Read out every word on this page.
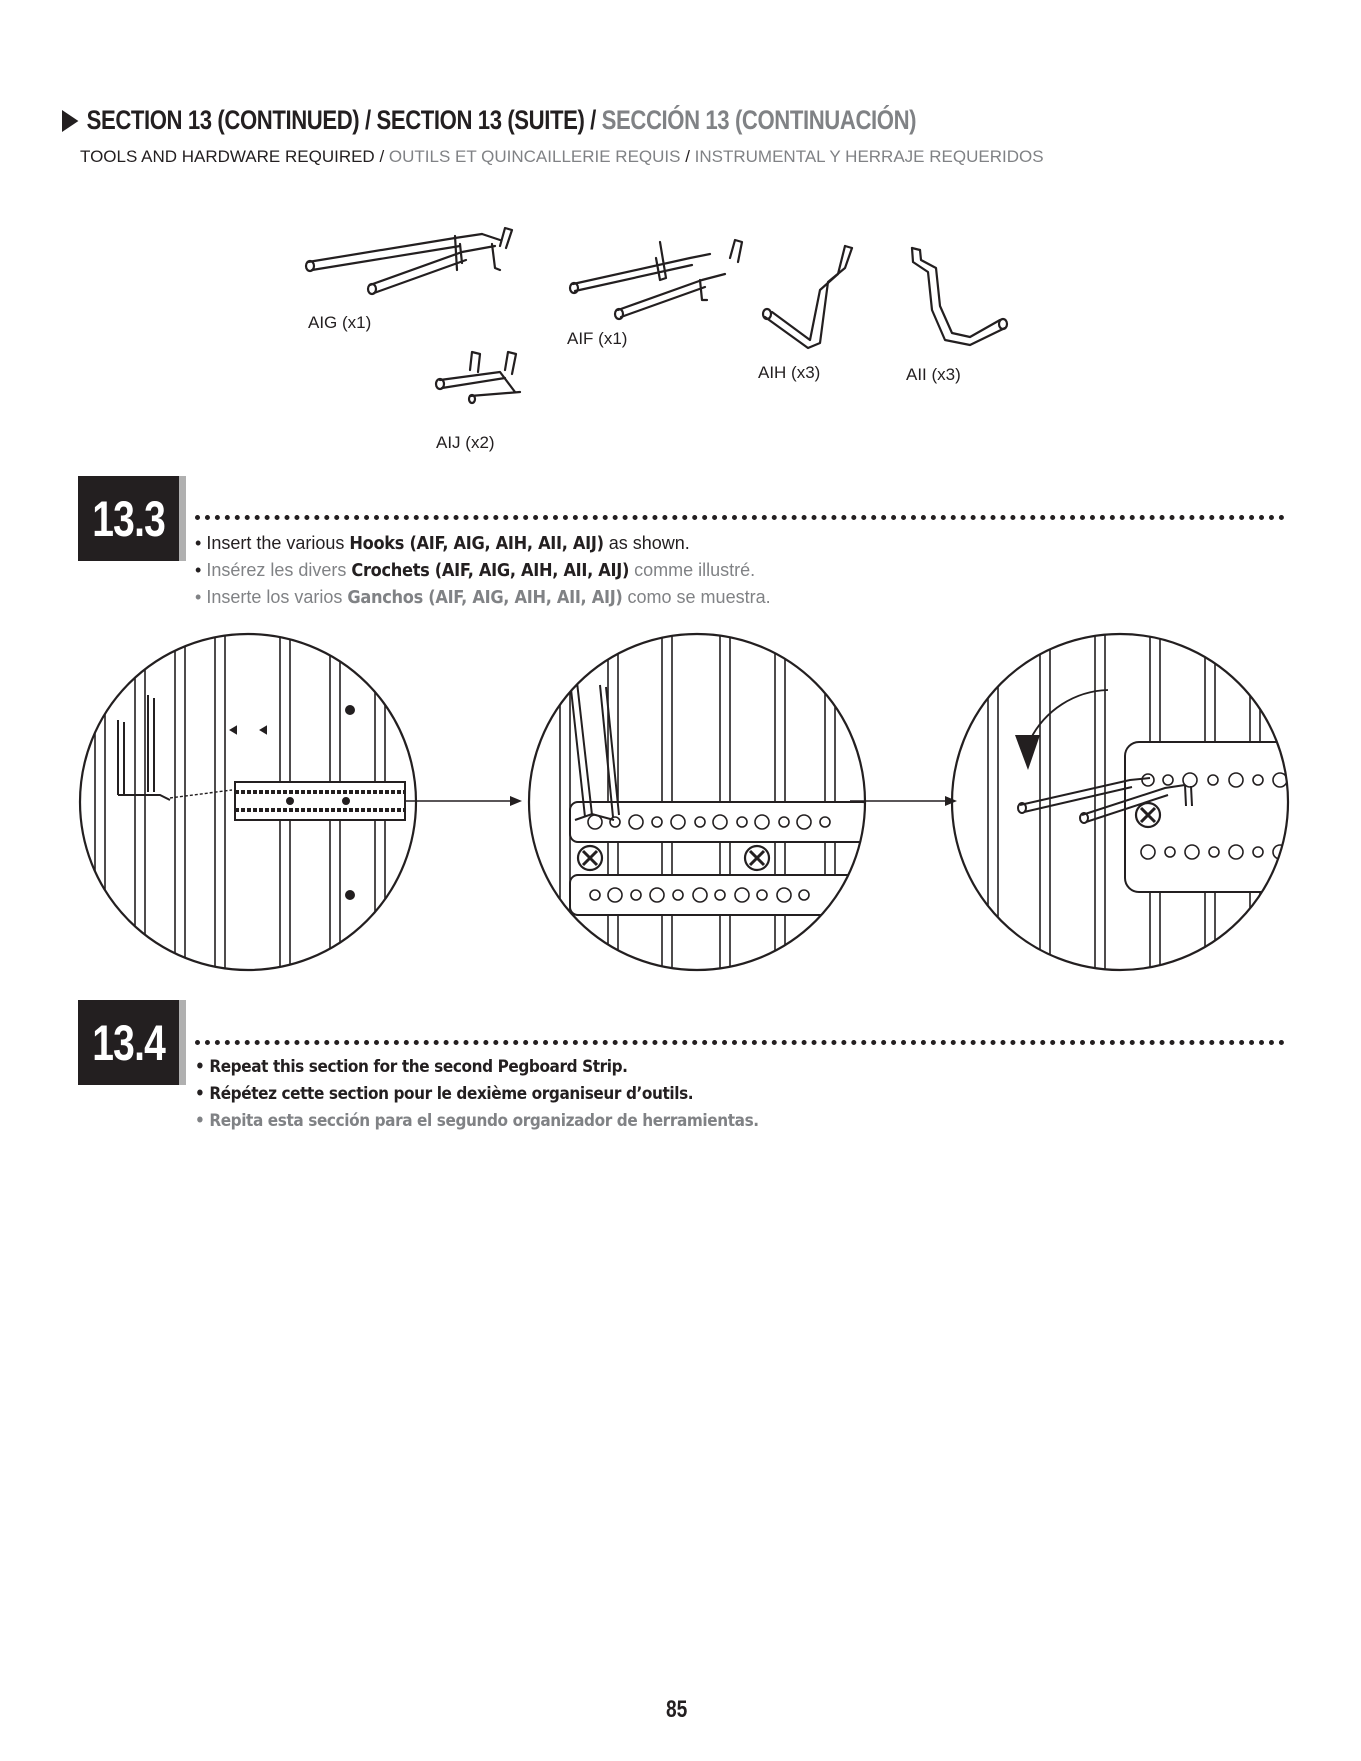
SECTION 13 (CONTINUED) / SECTION 13 (SUITE) / SECCIÓN 13 (CONTINUACIÓN)
TOOLS AND HARDWARE REQUIRED / OUTILS ET QUINCAILLERIE REQUIS / INSTRUMENTAL Y HERRAJE REQUERIDOS
AIG (x1)
AIF (x1)
AIH (x3)	AII (x3)
AIJ (x2)
13.3 • Insert the various Hooks (AIF, AIG, AIH, AII, AIJ) as shown.
• Insérez les divers Crochets (AIF, AIG, AIH, AII, AIJ) comme illustré.
• Inserte los varios Ganchos (AIF, AIG, AIH, AII, AIJ) como se muestra.
13.4 • Repeat this section for the second Pegboard Strip.
• Répétez cette section pour le dexième organiseur d’outils.
• Repita esta sección para el segundo organizador de herramientas.
85
